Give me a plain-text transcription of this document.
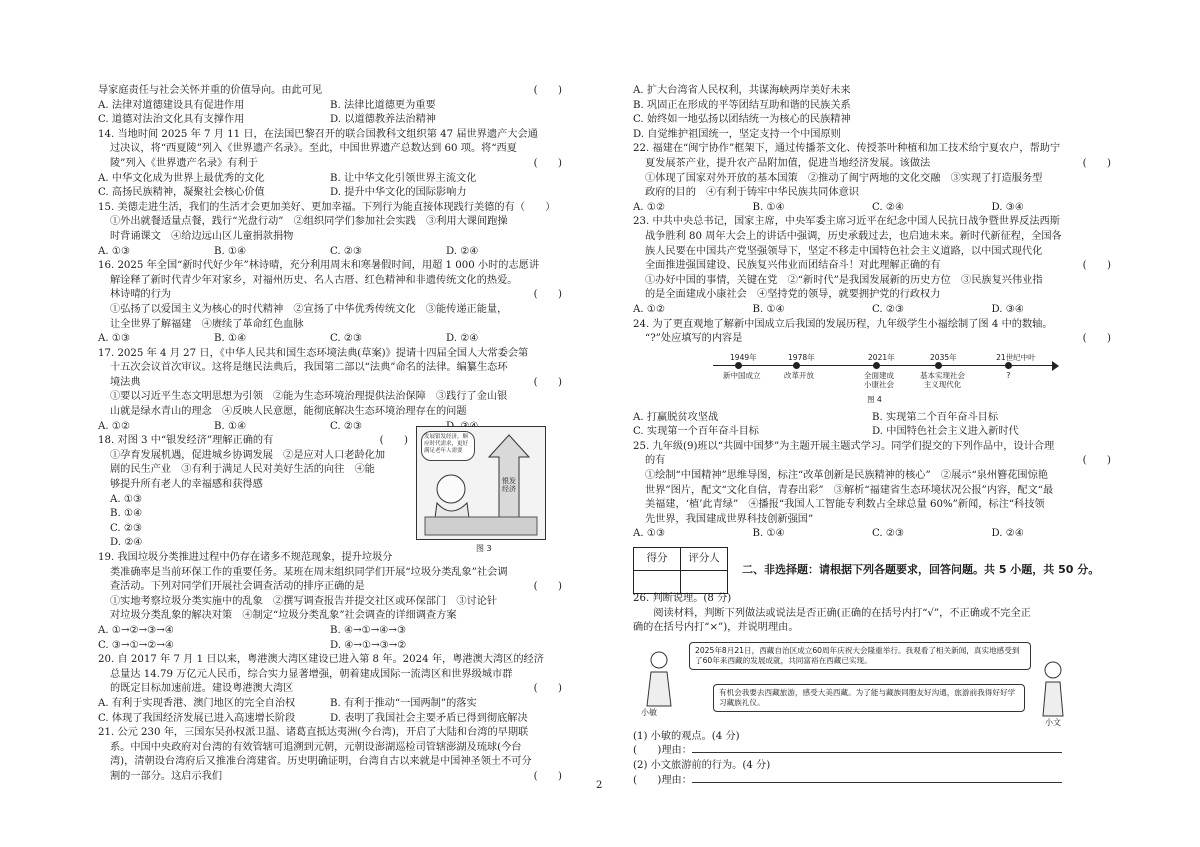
导家庭责任与社会关怀并重的价值导向。由此可见	(　　)
A. 法律对道德建设具有促进作用	B. 法律比道德更为重要
C. 道德对法治文化具有支撑作用	D. 以道德教养法治精神
14. 当地时间 2025 年 7 月 11 日，在法国巴黎召开的联合国教科文组织第 47 届世界遗产大会通
过决议，将“西夏陵”列入《世界遗产名录》。至此，中国世界遗产总数达到 60 项。将“西夏
陵”列入《世界遗产名录》有利于	(　　)
A. 中华文化成为世界上最优秀的文化	B. 让中华文化引领世界主流文化
C. 高扬民族精神，凝聚社会核心价值	D. 提升中华文化的国际影响力
15. 美德走进生活，我们的生活才会更加美好、更加幸福。下列行为能直接体现践行美德的有（　　）
①外出就餐适量点餐，践行“光盘行动”　②组织同学们参加社会实践　③利用大课间跑操
时背诵课文　④给边远山区儿童捐款捐物
A. ①③	B. ①④	C. ②③	D. ②④
16. 2025 年全国“新时代好少年”林诗晴，充分利用周末和寒暑假时间，用超 1 000 小时的志愿讲
解诠释了新时代青少年对家乡，对福州历史、名人古厝、红色精神和非遗传统文化的热爱。
林诗晴的行为	(　　)
①弘扬了以爱国主义为核心的时代精神　②宣扬了中华优秀传统文化　③能传递正能量，
让全世界了解福建　④赓续了革命红色血脉
A. ①③	B. ①④	C. ②③	D. ②④
17. 2025 年 4 月 27 日，《中华人民共和国生态环境法典(草案)》提请十四届全国人大常委会第
十五次会议首次审议。这将是继民法典后，我国第二部以“法典”命名的法律。编纂生态环
境法典	(　　)
①要以习近平生态文明思想为引领　②能为生态环境治理提供法治保障　③践行了金山银
山就是绿水青山的理念　④反映人民意愿，能彻底解决生态环境治理存在的问题
A. ①②	B. ①④	C. ②③
18. 对图 3 中“银发经济”理解正确的有	(　　)
①孕育发展机遇，促进城乡协调发展　②是应对人口老龄化加
剧的民生产业　③有利于满足人民对美好生活的向往　④能
够提升所有老人的幸福感和获得感
A. ①③
B. ①④
C. ②③
D. ②④
19. 我国垃圾分类推进过程中仍存在诸多不规范现象，提升垃圾分
类准确率是当前环保工作的重要任务。某班在周末组织同学们开展“垃圾分类乱象”社会调
查活动。下列对同学们开展社会调查活动的排序正确的是	(　　)
①实地考察垃圾分类实施中的乱象　②撰写调查报告并提交社区或环保部门　③讨论针
对垃圾分类乱象的解决对策　④制定“垃圾分类乱象”社会调查的详细调查方案
A. ①→②→③→④	B. ④→①→④→③
C. ③→①→②→④	D. ④→①→③→②
20. 自 2017 年 7 月 1 日以来，粤港澳大湾区建设已进入第 8 年。2024 年，粤港澳大湾区的经济
总量达 14.79 万亿元人民币，综合实力显著增强，朝着建成国际一流湾区和世界级城市群
的既定目标加速前进。建设粤港澳大湾区	(　　)
A. 有利于实现香港、澳门地区的完全自治权	B. 有利于推动“一国两制”的落实
C. 体现了我国经济发展已进入高速增长阶段	D. 表明了我国社会主要矛盾已得到彻底解决
21. 公元 230 年，三国东吴孙权派卫温、诸葛直抵达夷洲(今台湾)，开启了大陆和台湾的早期联
系。中国中央政府对台湾的有效管辖可追溯到元朝，元朝设澎湖巡检司管辖澎湖及琉球(今台
湾)，清朝设台湾府后又推准台湾建省。历史明确证明，台湾自古以来就是中国神圣领土不可分
割的一部分。这启示我们	(　　)
发展银发经济，顺应时代需求，更好满足老年人需要
银发经济
图 3
A. 扩大台湾省人民权利，共谋海峡两岸美好未来
B. 巩固正在形成的平等团结互助和谐的民族关系
C. 始终如一地弘扬以团结统一为核心的民族精神
D. 自觉维护祖国统一，坚定支持一个中国原则
22. 福建在“闽宁协作”框架下，通过传播茶文化、传授茶叶种植和加工技术给宁夏农户，帮助宁
夏发展茶产业，提升农产品附加值，促进当地经济发展。该做法	(　　)
①体现了国家对外开放的基本国策　②推动了闽宁两地的文化交融　③实现了打造服务型
政府的目的　④有利于铸牢中华民族共同体意识
A. ①②	B. ①④	C. ②④	D. ③④
23. 中共中央总书记，国家主席，中央军委主席习近平在纪念中国人民抗日战争暨世界反法西斯
战争胜利 80 周年大会上的讲话中强调，历史承载过去，也启迪未来。新时代新征程，全国各
族人民要在中国共产党坚强领导下，坚定不移走中国特色社会主义道路，以中国式现代化
全面推进强国建设、民族复兴伟业而团结奋斗！对此理解正确的有	(　　)
①办好中国的事情，关键在党　②“新时代”是我国发展新的历史方位　③民族复兴伟业指
的是全面建成小康社会　④坚持党的领导，就要拥护党的行政权力
A. ①②	B. ①④	C. ②③	D. ③④
24. 为了更直观地了解新中国成立后我国的发展历程，九年级学生小福绘制了图 4 中的数轴。
“?”处应填写的内容是	(　　)
1949年	1978年	2021年	2035年	21世纪中叶
新中国成立	改革开放	全面建成
小康社会
基本实现社会
主义现代化
?
图 4
A. 打赢脱贫攻坚战	B. 实现第二个百年奋斗目标
C. 实现第一个百年奋斗目标	D. 中国特色社会主义进入新时代
25. 九年级(9)班以“共圆中国梦”为主题开展主题式学习。同学们提交的下列作品中，设计合理
的有	(　　)
①绘制“中国精神”思维导图，标注“改革创新是民族精神的核心”　②展示“泉州簪花围惊艳
世界”图片，配文“文化自信，青春出彩”　③解析“福建省生态环境状况公报”内容，配文“最
美福建，‘植’此青绿”　④播报“我国人工智能专利数占全球总量 60%”新闻，标注“科技领
先世界，我国建成世界科技创新强国”
A. ①③	B. ①④	C. ②③	D. ②④
得分	评分人

二、非选择题：请根据下列各题要求，回答问题。共 5 小题，共 50 分。
26. 判断说理。(8 分)
　　阅读材料，判断下列做法或说法是否正确(正确的在括号内打“√”，不正确或不完全正
确的在括号内打“×”)，并说明理由。
小敏
2025年8月21日，西藏自治区成立60周年庆祝大会隆重举行。我观看了相关新闻，真实地感受到了60年来西藏的发展成就，共同富裕在西藏已实现。
有机会我要去西藏旅游，感受大美西藏。为了能与藏族同胞友好沟通，旅游前我得好好学习藏族礼仪。
小文
(1) 小敏的观点。(4 分)
(　　)理由：
(2) 小文旅游前的行为。(4 分)
(　　)理由：
2
